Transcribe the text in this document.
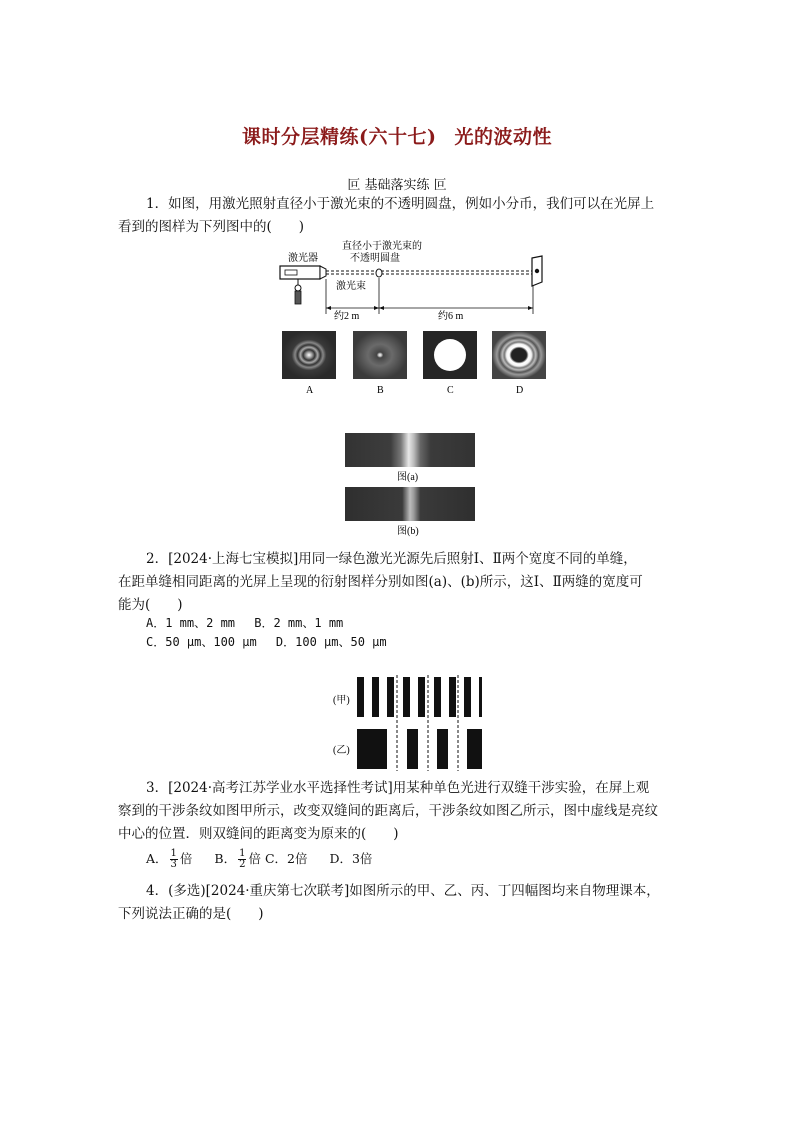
课时分层精练(六十七) 光的波动性
叵 基础落实练 叵
1．如图，用激光照射直径小于激光束的不透明圆盘，例如小分币，我们可以在光屏上
看到的图样为下列图中的(　　)
激光器
直径小于激光束的
不透明圆盘
激光束
约2 m	约6 m
A	B	C	D
图(a)
图(b)
2．[2024·上海七宝模拟]用同一绿色激光光源先后照射Ⅰ、Ⅱ两个宽度不同的单缝，
在距单缝相同距离的光屏上呈现的衍射图样分别如图(a)、(b)所示，这Ⅰ、Ⅱ两缝的宽度可
能为(　　)
A．1 mm、2 mm　 B．2 mm、1 mm
C．50 μm、100 μm　 D．100 μm、50 μm
(甲)
(乙)
3．[2024·高考江苏学业水平选择性考试]用某种单色光进行双缝干涉实验，在屏上观
察到的干涉条纹如图甲所示，改变双缝间的距离后，干涉条纹如图乙所示，图中虚线是亮纹
中心的位置．则双缝间的距离变为原来的(　　)
A． $\frac{1}{3}$ 倍 B． $\frac{1}{2}$ 倍 C．2倍 D．3倍
4．(多选)[2024·重庆第七次联考]如图所示的甲、乙、丙、丁四幅图均来自物理课本，
下列说法正确的是(　　)
